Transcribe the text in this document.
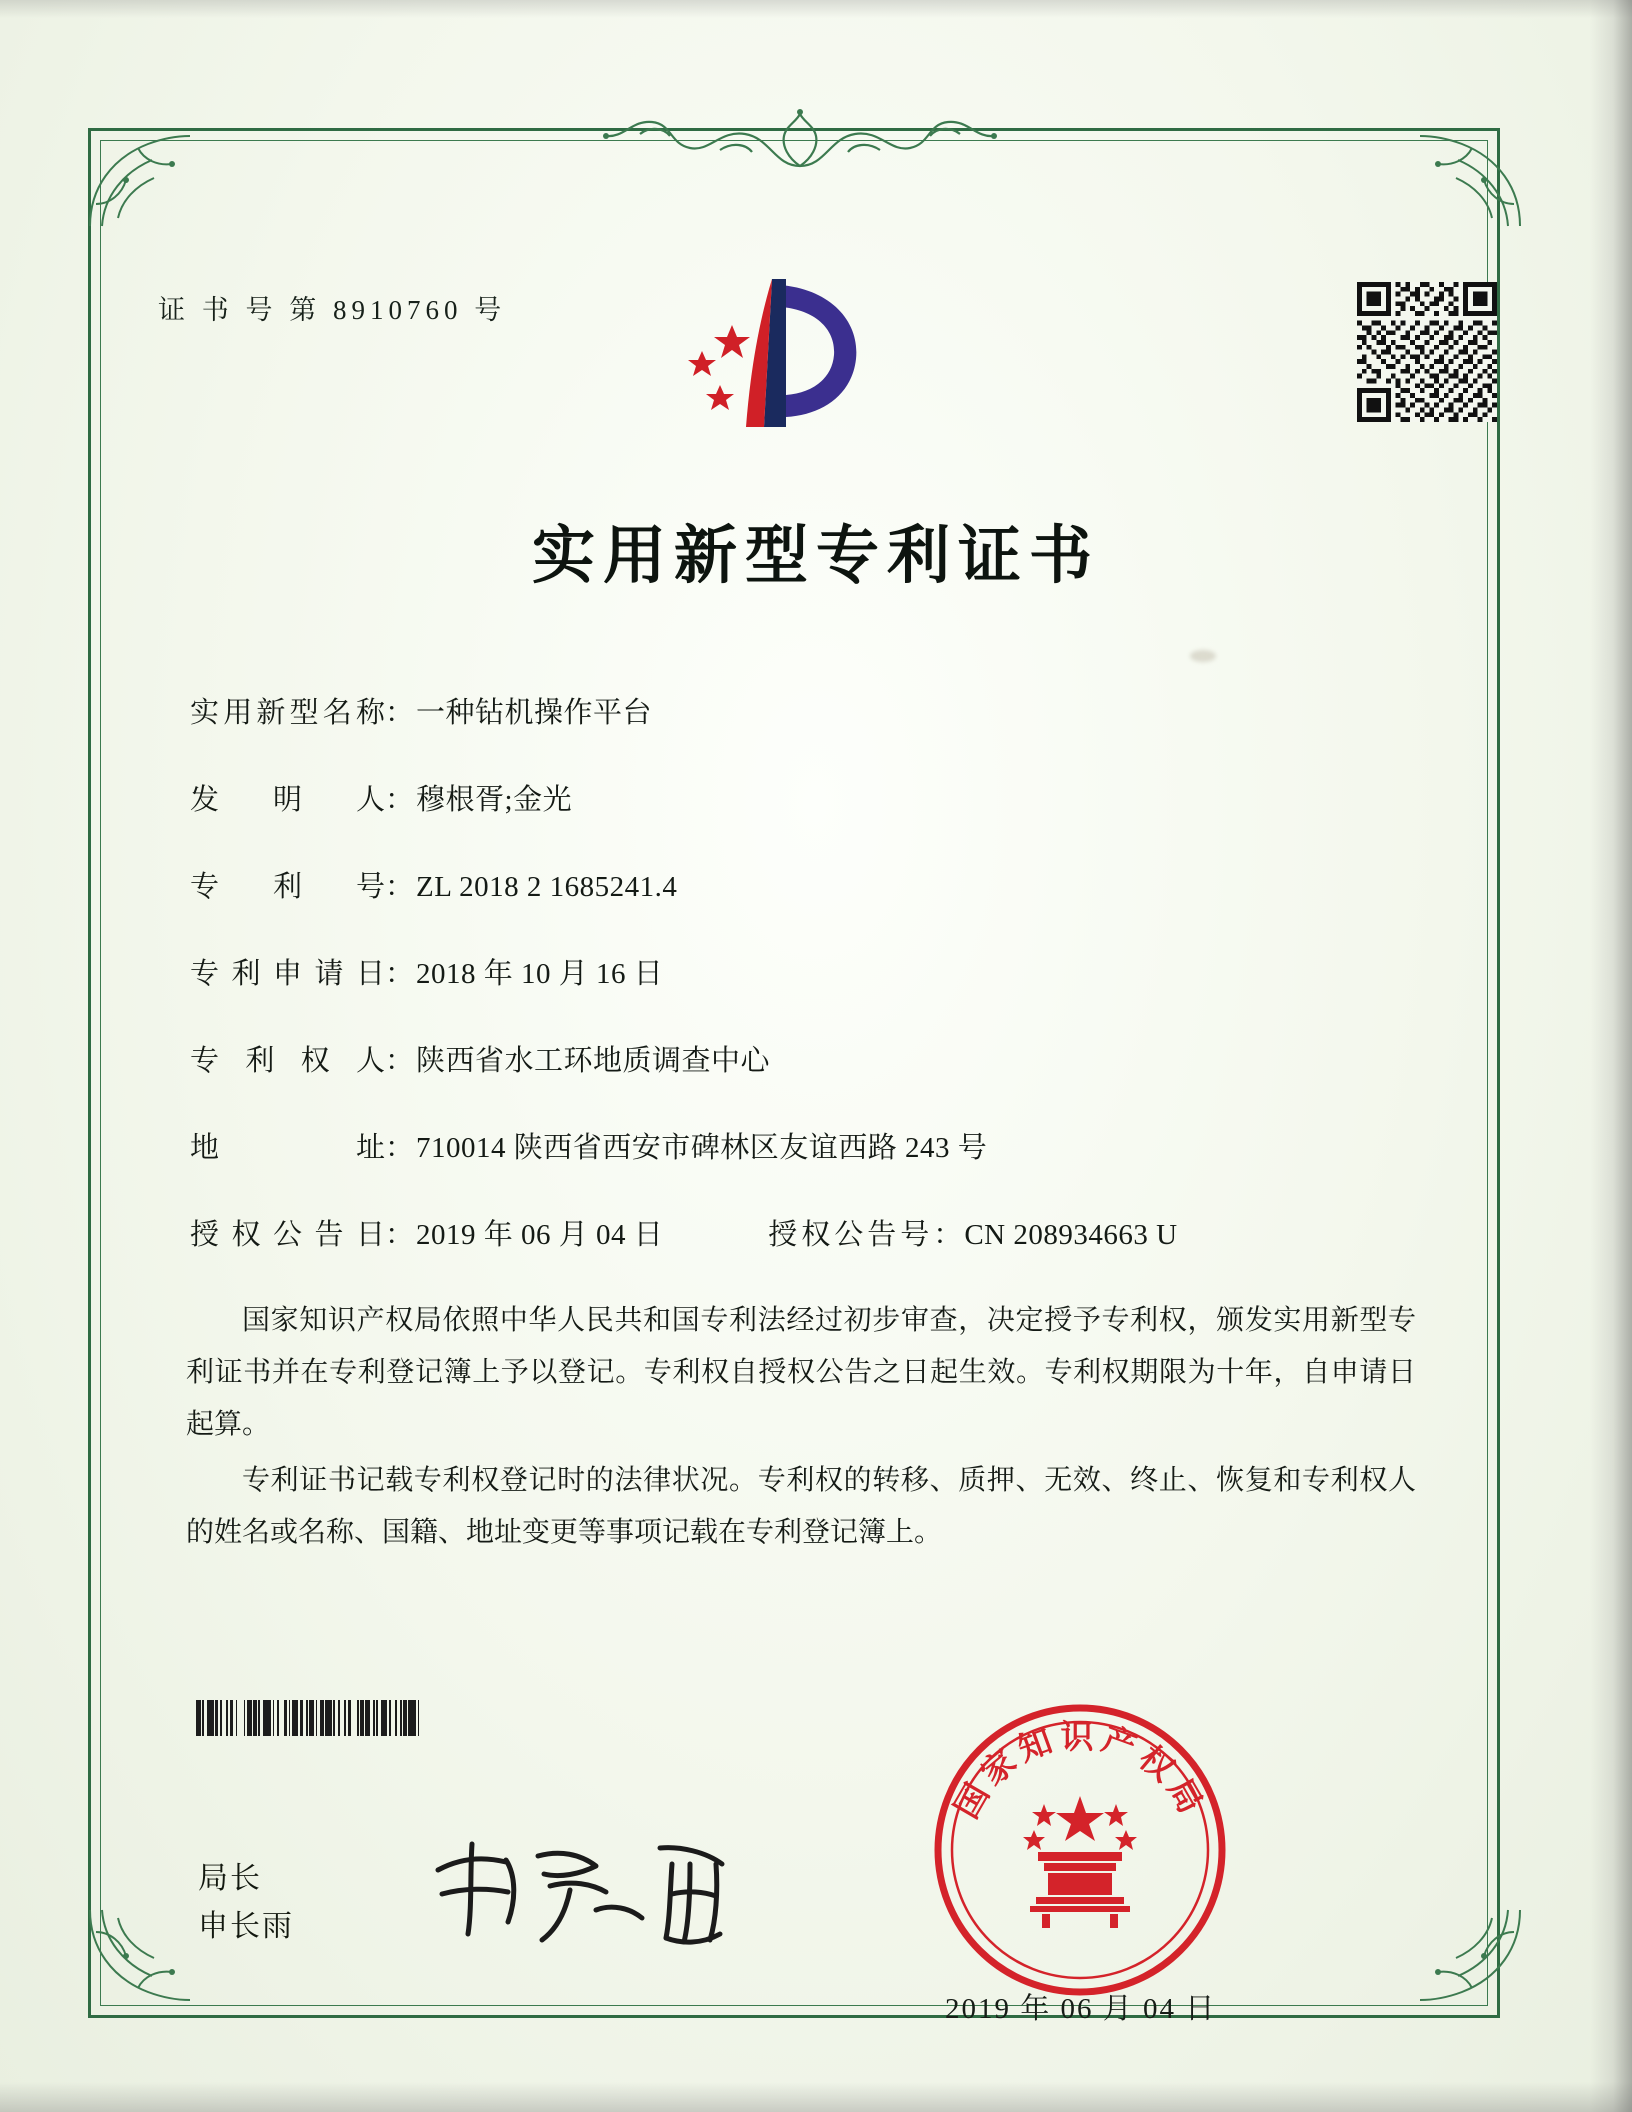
证 书 号 第 8910760 号
实用新型专利证书
实用新型名称 ： 一种钻机操作平台
发明人 ： 穆根胥;金光
专利号 ： ZL 2018 2 1685241.4
专利申请日 ： 2018 年 10 月 16 日
专利权人 ： 陕西省水工环地质调查中心
地址 ： 710014 陕西省西安市碑林区友谊西路 243 号
授权公告日 ： 2019 年 06 月 04 日	授权公告号 ： CN 208934663 U

国家知识产权局依照中华人民共和国专利法经过初步审查，决定授予专利权，颁发实用新型专利证书并在专利登记簿上予以登记。专利权自授权公告之日起生效。专利权期限为十年，自申请日起算。

专利证书记载专利权登记时的法律状况。专利权的转移、质押、无效、终止、恢复和专利权人的姓名或名称、国籍、地址变更等事项记载在专利登记簿上。

局长
申长雨
国家知识产权局
2019 年 06 月 04 日
